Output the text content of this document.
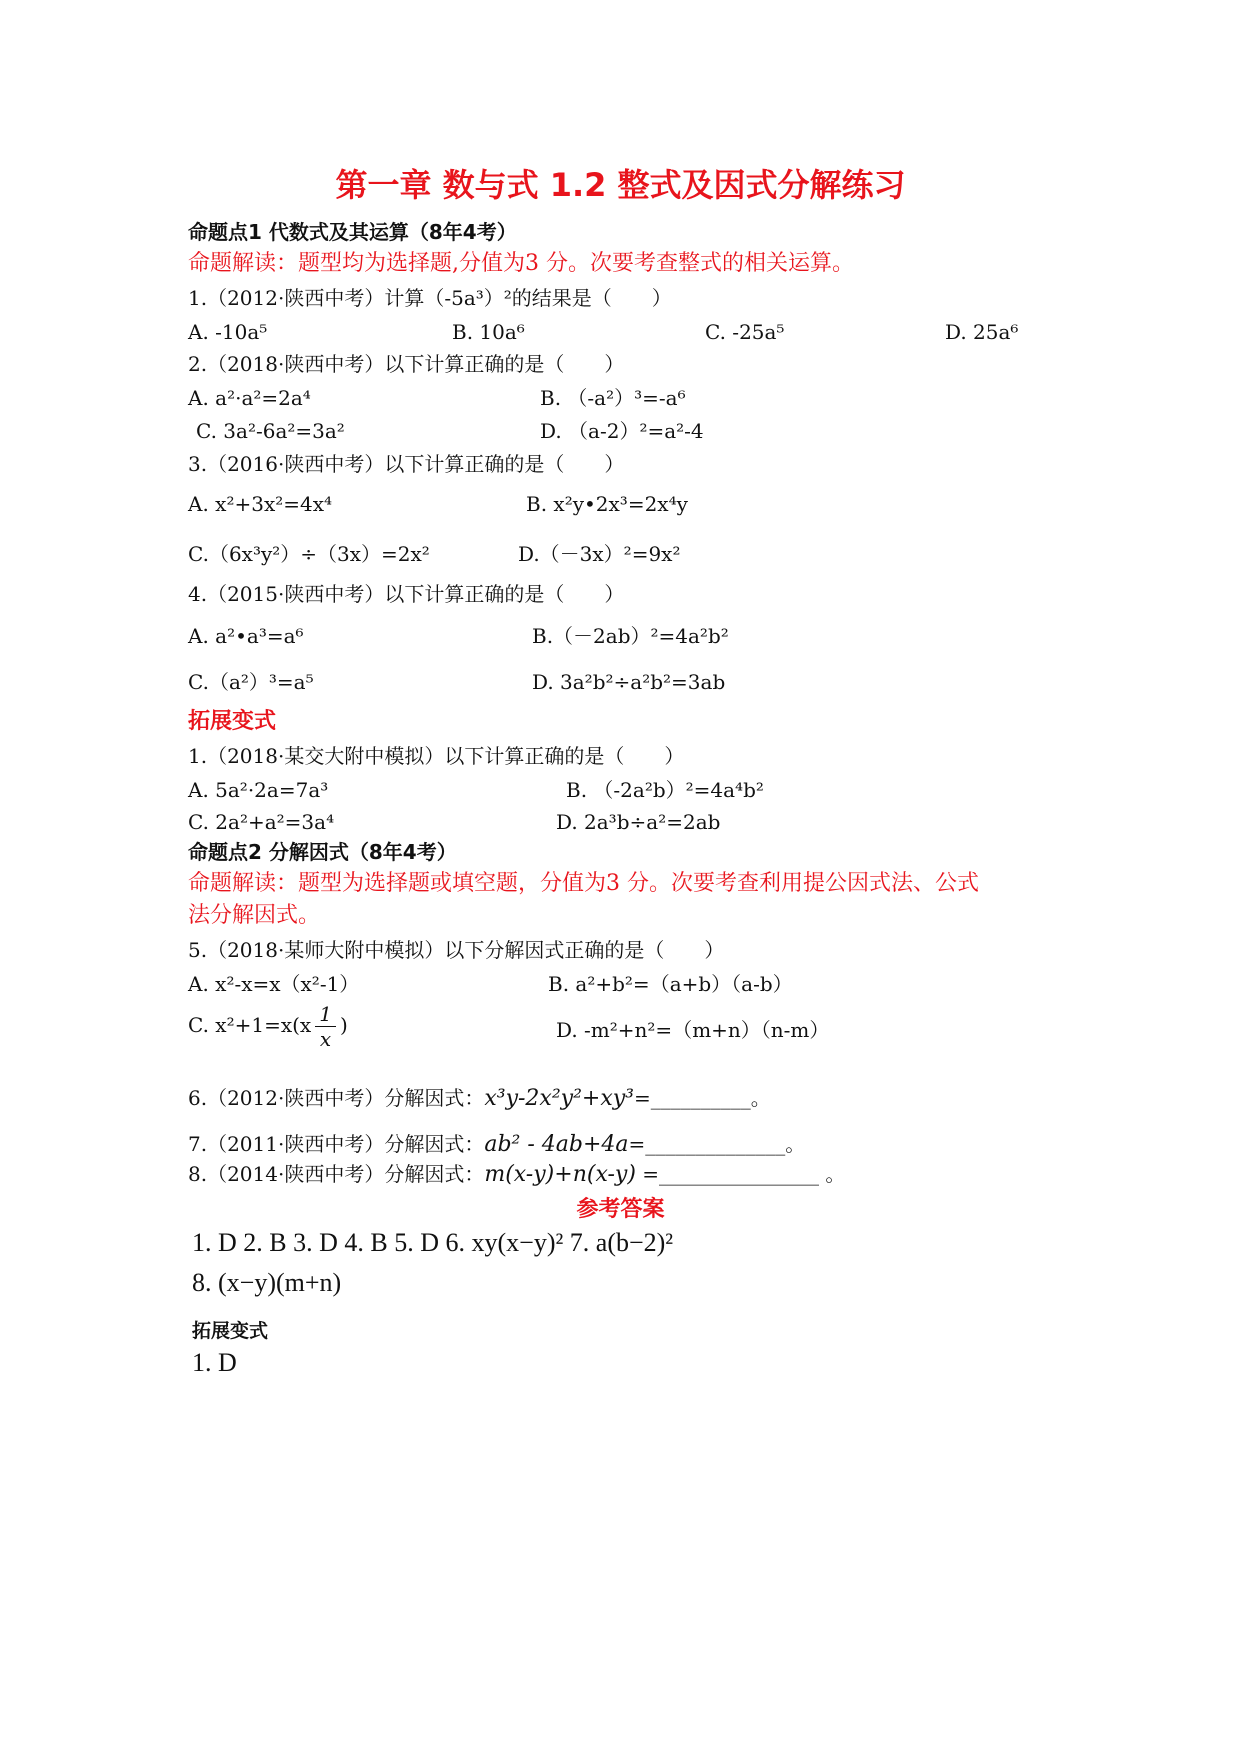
第一章 数与式 1.2 整式及因式分解练习
命题点1 代数式及其运算（8年4考）
命题解读：题型均为选择题,分值为3 分。次要考查整式的相关运算。
1.（2012·陕西中考）计算（-5a³）²的结果是（　　）
A. -10a⁵	B. 10a⁶	C. -25a⁵	D. 25a⁶
2.（2018·陕西中考）以下计算正确的是（　　）
A. a²·a²=2a⁴	B. （-a²）³=-a⁶
C. 3a²-6a²=3a²	D. （a-2）²=a²-4
3.（2016·陕西中考）以下计算正确的是（　　）
A. x²+3x²=4x⁴	B. x²y•2x³=2x⁴y
C.（6x³y²）÷（3x）=2x²	D.（－3x）²=9x²
4.（2015·陕西中考）以下计算正确的是（　　）
A. a²•a³=a⁶	B.（－2ab）²=4a²b²
C.（a²）³=a⁵	D. 3a²b²÷a²b²=3ab
拓展变式
1.（2018·某交大附中模拟）以下计算正确的是（　　）
A. 5a²·2a=7a³	B. （-2a²b）²=4a⁴b²
C. 2a²+a²=3a⁴	D. 2a³b÷a²=2ab
命题点2 分解因式（8年4考）
命题解读：题型为选择题或填空题，分值为3 分。次要考查利用提公因式法、公式
法分解因式。
5.（2018·某师大附中模拟）以下分解因式正确的是（　　）
A. x²-x=x（x²-1）	B. a²+b²=（a+b）（a-b）
C. $x^2+1=x(x \frac{1}{x}$ )	D. -m²+n²=（m+n）（n-m）
6.（2012·陕西中考）分解因式：x³y-2x²y²+xy³=__________。
7.（2011·陕西中考）分解因式：ab² - 4ab+4a=______________。
8.（2014·陕西中考）分解因式：m(x-y)+n(x-y) =________________ 。
参考答案
1. D 2. B 3. D 4. B 5. D 6. xy(x−y)² 7. a(b−2)²
8. (x−y)(m+n)
拓展变式
1. D
